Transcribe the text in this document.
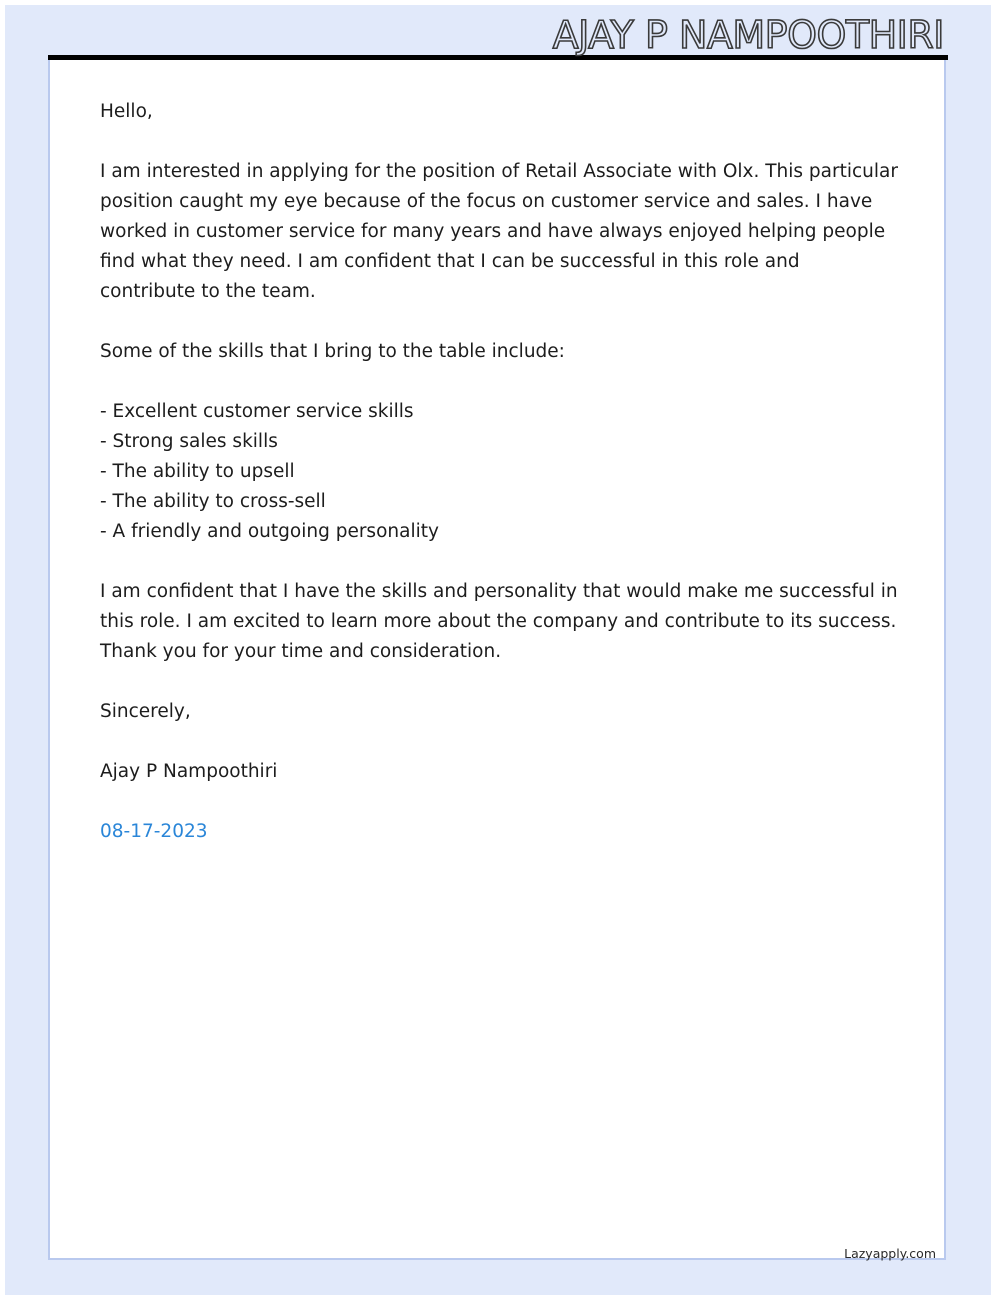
AJAY P NAMPOOTHIRI

Hello,

I am interested in applying for the position of Retail Associate with Olx. This particular position caught my eye because of the focus on customer service and sales. I have worked in customer service for many years and have always enjoyed helping people find what they need. I am confident that I can be successful in this role and contribute to the team.

Some of the skills that I bring to the table include:

- Excellent customer service skills
- Strong sales skills
- The ability to upsell
- The ability to cross-sell
- A friendly and outgoing personality

I am confident that I have the skills and personality that would make me successful in this role. I am excited to learn more about the company and contribute to its success. Thank you for your time and consideration.

Sincerely,

Ajay P Nampoothiri

08-17-2023
Lazyapply.com
